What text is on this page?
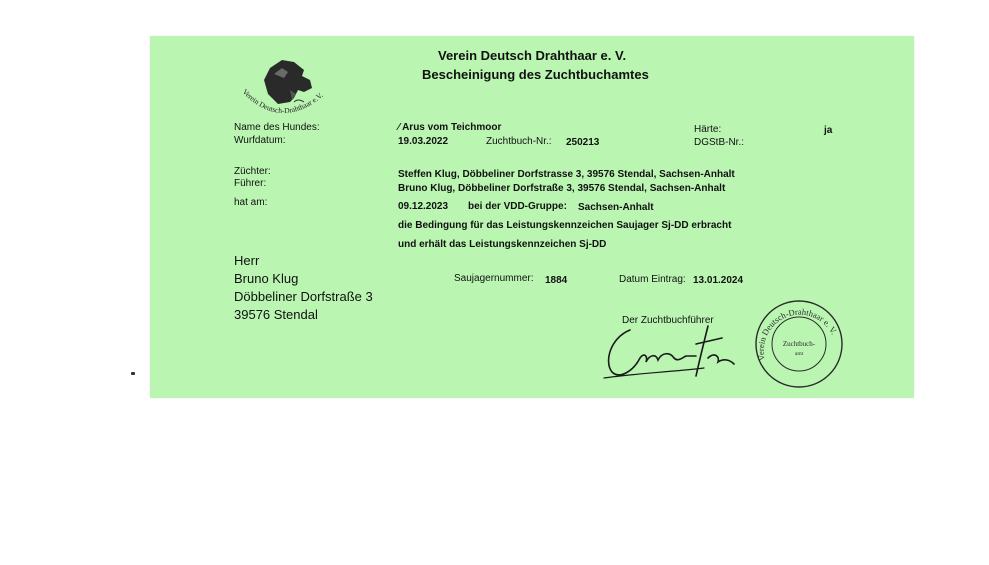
Verein Deutsch-Drahthaar e.V.
Verein Deutsch Drahthaar e. V.
Bescheinigung des Zuchtbuchamtes
Name des Hundes:	⁄ Arus vom Teichmoor	Härte:	ja
Wurfdatum:	19.03.2022	Zuchtbuch-Nr.: 250213	DGStB-Nr.:
Züchter:	Steffen Klug, Döbbeliner Dorfstrasse 3, 39576 Stendal, Sachsen-Anhalt
Führer:	Bruno Klug, Döbbeliner Dorfstraße 3, 39576 Stendal, Sachsen-Anhalt
hat am:	09.12.2023 bei der VDD-Gruppe: Sachsen-Anhalt
die Bedingung für das Leistungskennzeichen Saujager Sj-DD erbracht
und erhält das Leistungskennzeichen Sj-DD
Herr
Bruno Klug
Döbbeliner Dorfstraße 3
39576 Stendal
Saujagernummer: 1884	Datum Eintrag: 13.01.2024
Der Zuchtbuchführer
Verein Deutsch-Drahthaar e. V.
Zuchtbuch-
amt
